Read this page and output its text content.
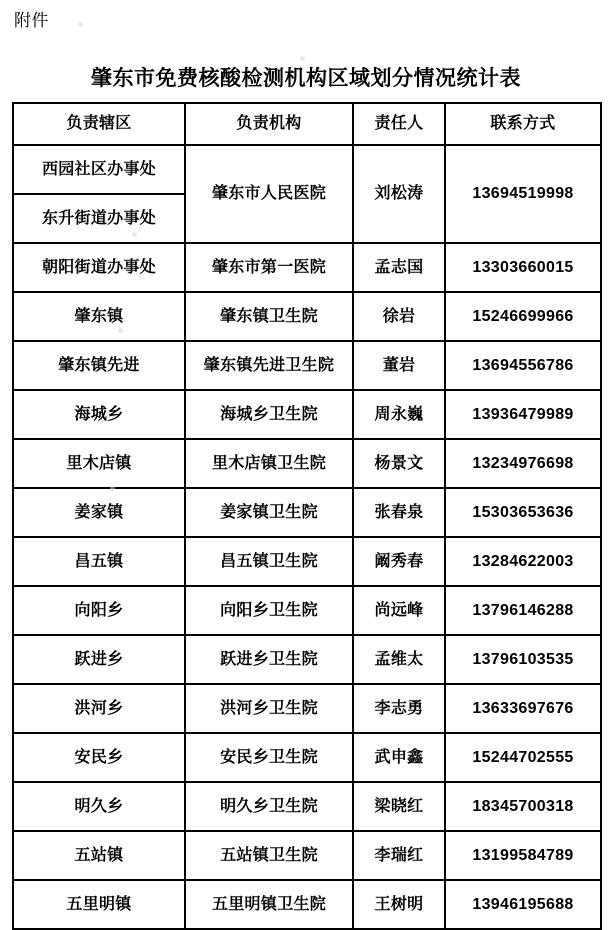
附件
肇东市免费核酸检测机构区域划分情况统计表
负责辖区	负责机构	责任人	联系方式
西园社区办事处	肇东市人民医院	刘松涛	13694519998
东升街道办事处			
朝阳街道办事处	肇东市第一医院	孟志国	13303660015
肇东镇	肇东镇卫生院	徐岩	15246699966
肇东镇先进	肇东镇先进卫生院	董岩	13694556786
海城乡	海城乡卫生院	周永巍	13936479989
里木店镇	里木店镇卫生院	杨景文	13234976698
姜家镇	姜家镇卫生院	张春泉	15303653636
昌五镇	昌五镇卫生院	阚秀春	13284622003
向阳乡	向阳乡卫生院	尚远峰	13796146288
跃进乡	跃进乡卫生院	孟维太	13796103535
洪河乡	洪河乡卫生院	李志勇	13633697676
安民乡	安民乡卫生院	武申鑫	15244702555
明久乡	明久乡卫生院	梁晓红	18345700318
五站镇	五站镇卫生院	李瑞红	13199584789
五里明镇	五里明镇卫生院	王树明	13946195688
